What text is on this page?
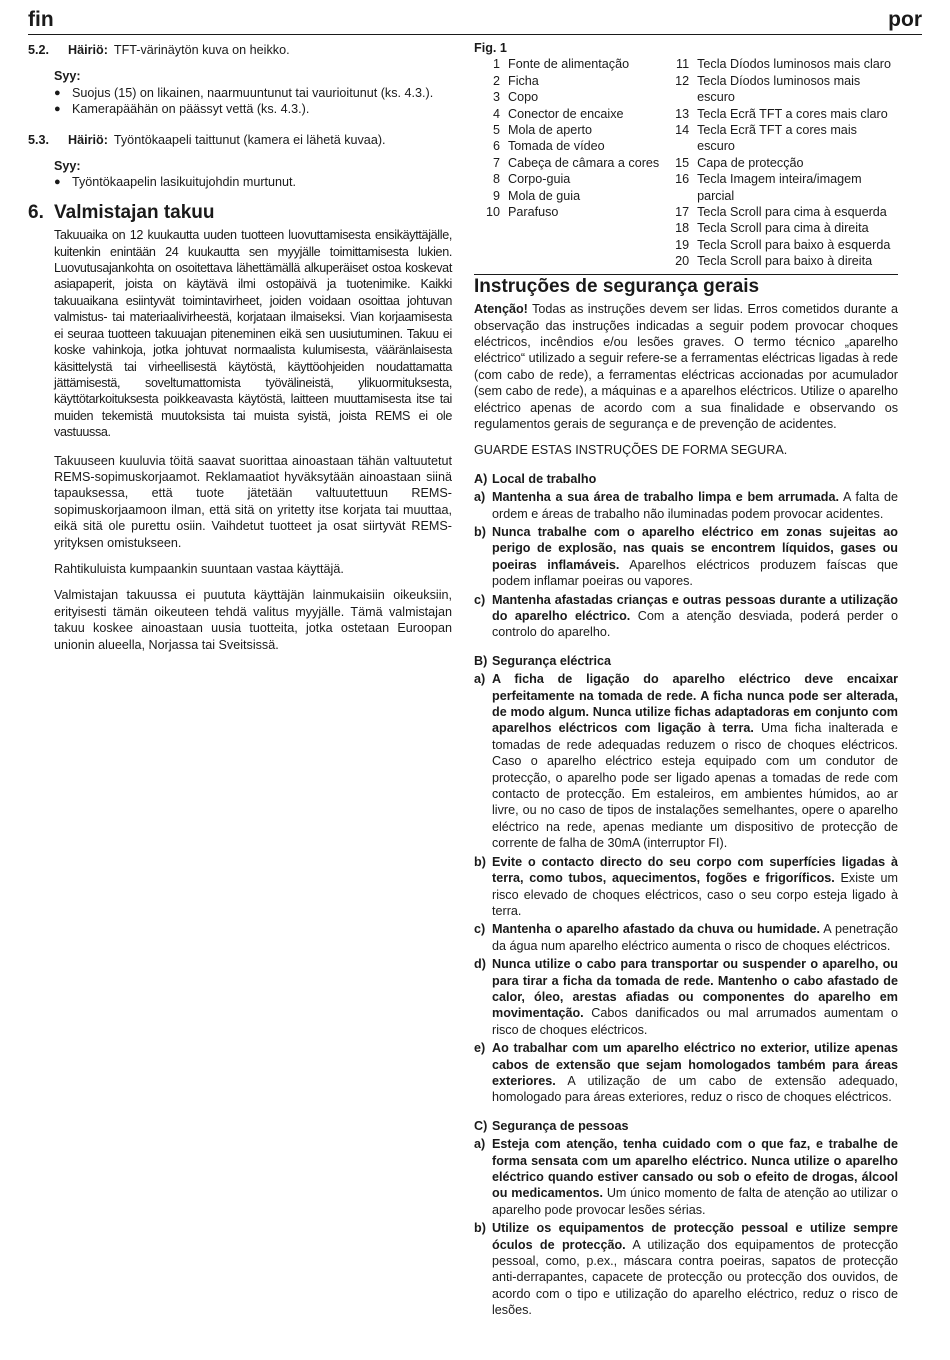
fin	por
5.2.	Häiriö: TFT-värinäytön kuva on heikko.
Syy:
● Suojus (15) on likainen, naarmuuntunut tai vaurioitunut (ks. 4.3.).
● Kamerapäähän on päässyt vettä (ks. 4.3.).
5.3.	Häiriö: Työntökaapeli taittunut (kamera ei lähetä kuvaa).
Syy:
● Työntökaapelin lasikuitujohdin murtunut.
6. Valmistajan takuu
Takuuaika on 12 kuukautta uuden tuotteen luovuttamisesta ensikäyttäjälle, kuitenkin enintään 24 kuukautta sen myyjälle toimittamisesta lukien. Luovutusajankohta on osoitettava lähettämällä alkuperäiset ostoa koskevat asiapaperit, joista on käytävä ilmi ostopäivä ja tuotenimike. Kaikki takuuaikana esiintyvät toimintavirheet, joiden voidaan osoittaa johtuvan valmistus- tai materiaalivirheestä, korjataan ilmaiseksi. Vian korjaamisesta ei seuraa tuotteen takuuajan piteneminen eikä sen uusiutuminen. Takuu ei koske vahinkoja, jotka johtuvat normaalista kulumisesta, vääränlaisesta käsittelystä tai virheellisestä käytöstä, käyttöohjeiden noudattamatta jättämisestä, soveltumattomista työvälineistä, ylikuormituksesta, käyttötarkoituksesta poikkeavasta käytöstä, laitteen muuttamisesta itse tai muiden tekemistä muutoksista tai muista syistä, joista REMS ei ole vastuussa.
Takuuseen kuuluvia töitä saavat suorittaa ainoastaan tähän valtuutetut REMS-sopimuskorjaamot. Reklamaatiot hyväksytään ainoastaan siinä tapauksessa, että tuote jätetään valtuutettuun REMS-sopimuskorjaamoon ilman, että sitä on yritetty itse korjata tai muuttaa, eikä sitä ole purettu osiin. Vaihdetut tuotteet ja osat siirtyvät REMS-yrityksen omistukseen.
Rahtikuluista kumpaankin suuntaan vastaa käyttäjä.
Valmistajan takuussa ei puututa käyttäjän lainmukaisiin oikeuksiin, erityisesti tämän oikeuteen tehdä valitus myyjälle. Tämä valmistajan takuu koskee ainoastaan uusia tuotteita, jotka ostetaan Euroopan unionin alueella, Norjassa tai Sveitsissä.
Fig. 1
1 Fonte de alimentação
2 Ficha
3 Copo
4 Conector de encaixe
5 Mola de aperto
6 Tomada de vídeo
7 Cabeça de câmara a cores
8 Corpo-guia
9 Mola de guia
10 Parafuso
11 Tecla Díodos luminosos mais claro
12 Tecla Díodos luminosos mais escuro
13 Tecla Ecrã TFT a cores mais claro
14 Tecla Ecrã TFT a cores mais escuro
15 Capa de protecção
16 Tecla Imagem inteira/imagem parcial
17 Tecla Scroll para cima à esquerda
18 Tecla Scroll para cima à direita
19 Tecla Scroll para baixo à esquerda
20 Tecla Scroll para baixo à direita
Instruções de segurança gerais
Atenção! Todas as instruções devem ser lidas. Erros cometidos durante a observação das instruções indicadas a seguir podem provocar choques eléctricos, incêndios e/ou lesões graves. O termo técnico „aparelho eléctrico“ utilizado a seguir refere-se a ferramentas eléctricas ligadas à rede (com cabo de rede), a ferramentas eléctricas accionadas por acumulador (sem cabo de rede), a máquinas e a aparelhos eléctricos. Utilize o aparelho eléctrico apenas de acordo com a sua finalidade e observando os regulamentos gerais de segurança e de prevenção de acidentes.
GUARDE ESTAS INSTRUÇÕES DE FORMA SEGURA.
A) Local de trabalho
a) Mantenha a sua área de trabalho limpa e bem arrumada. A falta de ordem e áreas de trabalho não iluminadas podem provocar acidentes.
b) Nunca trabalhe com o aparelho eléctrico em zonas sujeitas ao perigo de explosão, nas quais se encontrem líquidos, gases ou poeiras inflamáveis. Aparelhos eléctricos produzem faíscas que podem inflamar poeiras ou vapores.
c) Mantenha afastadas crianças e outras pessoas durante a utilização do aparelho eléctrico. Com a atenção desviada, poderá perder o controlo do aparelho.
B) Segurança eléctrica
a) A ficha de ligação do aparelho eléctrico deve encaixar perfeitamente na tomada de rede. A ficha nunca pode ser alterada, de modo algum. Nunca utilize fichas adaptadoras em conjunto com aparelhos eléctricos com ligação à terra. Uma ficha inalterada e tomadas de rede adequadas reduzem o risco de choques eléctricos. Caso o aparelho eléctrico esteja equipado com um condutor de protecção, o aparelho pode ser ligado apenas a tomadas de rede com contacto de protecção. Em estaleiros, em ambientes húmidos, ao ar livre, ou no caso de tipos de instalações semelhantes, opere o aparelho eléctrico na rede, apenas mediante um dispositivo de protecção de corrente de falha de 30mA (interruptor FI).
b) Evite o contacto directo do seu corpo com superfícies ligadas à terra, como tubos, aquecimentos, fogões e frigoríficos. Existe um risco elevado de choques eléctricos, caso o seu corpo esteja ligado à terra.
c) Mantenha o aparelho afastado da chuva ou humidade. A penetração da água num aparelho eléctrico aumenta o risco de choques eléctricos.
d) Nunca utilize o cabo para transportar ou suspender o aparelho, ou para tirar a ficha da tomada de rede. Mantenho o cabo afastado de calor, óleo, arestas afiadas ou componentes do aparelho em movimentação. Cabos danificados ou mal arrumados aumentam o risco de choques eléctricos.
e) Ao trabalhar com um aparelho eléctrico no exterior, utilize apenas cabos de extensão que sejam homologados também para áreas exteriores. A utilização de um cabo de extensão adequado, homologado para áreas exteriores, reduz o risco de choques eléctricos.
C) Segurança de pessoas
a) Esteja com atenção, tenha cuidado com o que faz, e trabalhe de forma sensata com um aparelho eléctrico. Nunca utilize o aparelho eléctrico quando estiver cansado ou sob o efeito de drogas, álcool ou medicamentos. Um único momento de falta de atenção ao utilizar o aparelho pode provocar lesões sérias.
b) Utilize os equipamentos de protecção pessoal e utilize sempre óculos de protecção. A utilização dos equipamentos de protecção pessoal, como, p.ex., máscara contra poeiras, sapatos de protecção anti-derrapantes, capacete de protecção ou protecção dos ouvidos, de acordo com o tipo e utilização do aparelho eléctrico, reduz o risco de lesões.
